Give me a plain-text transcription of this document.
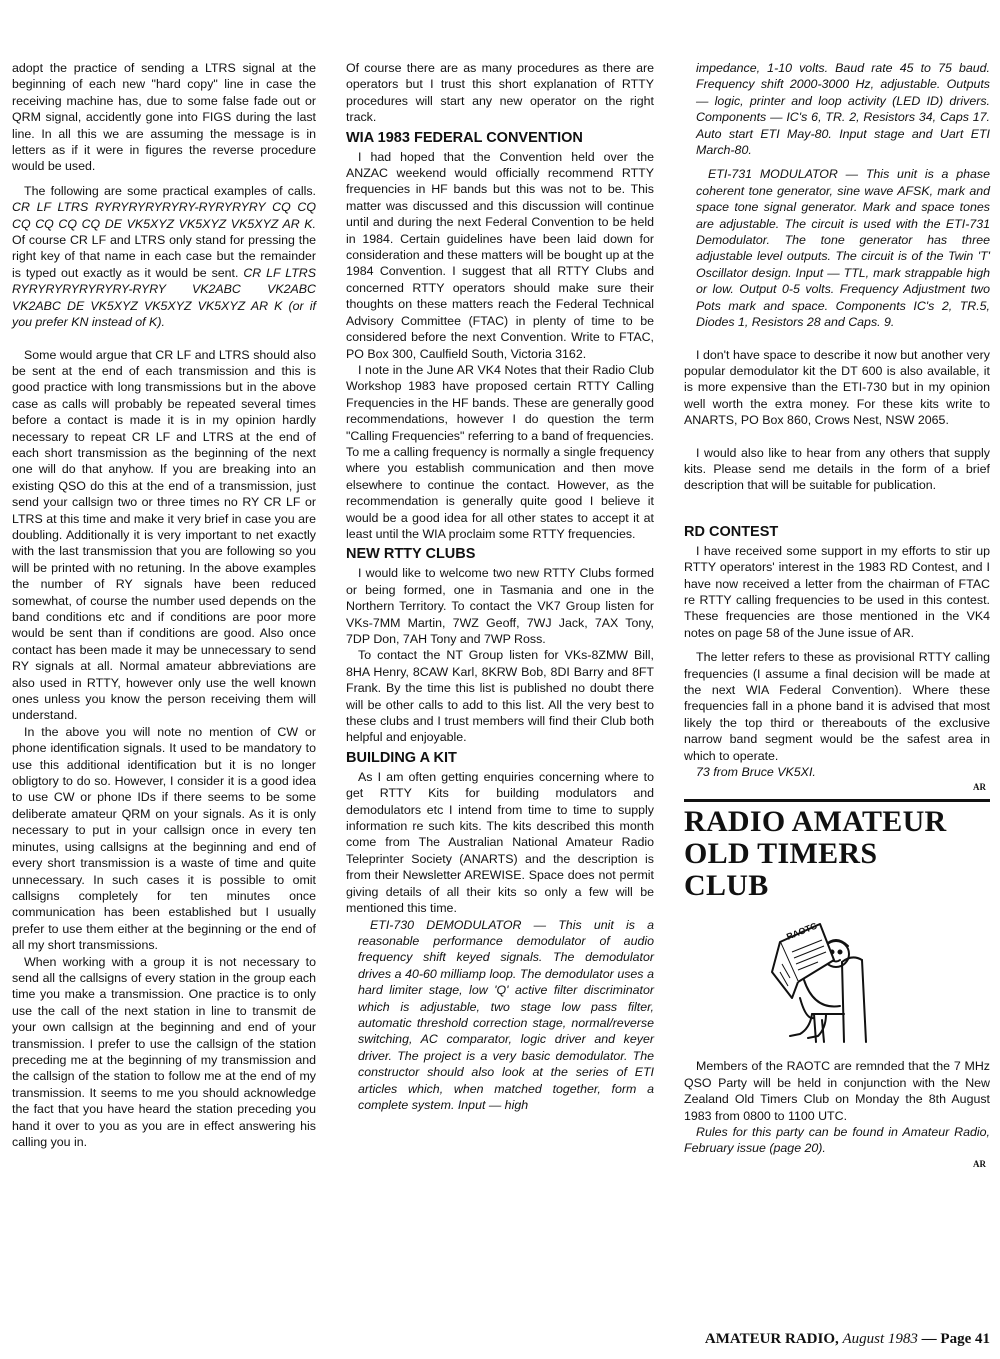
adopt the practice of sending a LTRS signal at the beginning of each new "hard copy" line in case the receiving machine has, due to some false fade out or QRM signal, accidently gone into FIGS during the last line. In all this we are assuming the message is in letters as if it were in figures the reverse procedure would be used.

The following are some practical examples of calls. CR LF LTRS RYRYRYRYRYRY-RYRYRYRY CQ CQ CQ CQ CQ CQ DE VK5XYZ VK5XYZ VK5XYZ AR K. Of course CR LF and LTRS only stand for pressing the right key of that name in each case but the remainder is typed out exactly as it would be sent. CR LF LTRS RYRYRYRYRYRYRY-RYRY VK2ABC VK2ABC VK2ABC DE VK5XYZ VK5XYZ VK5XYZ AR K (or if you prefer KN instead of K).

Some would argue that CR LF and LTRS should also be sent at the end of each transmission and this is good practice with long transmissions but in the above case as calls will probably be repeated several times before a contact is made it is in my opinion hardly necessary to repeat CR LF and LTRS at the end of each short transmission as the beginning of the next one will do that anyhow. If you are breaking into an existing QSO do this at the end of a transmission, just send your callsign two or three times no RY CR LF or LTRS at this time and make it very brief in case you are doubling. Additionally it is very important to net exactly with the last transmission that you are following so you will be printed with no retuning. In the above examples the number of RY signals have been reduced somewhat, of course the number used depends on the band conditions etc and if conditions are poor more would be sent than if conditions are good. Also once contact has been made it may be unnecessary to send RY signals at all. Normal amateur abbreviations are also used in RTTY, however only use the well known ones unless you know the person receiving them will understand.

In the above you will note no mention of CW or phone identification signals. It used to be mandatory to use this additional identification but it is no longer obligtory to do so. However, I consider it is a good idea to use CW or phone IDs if there seems to be some deliberate amateur QRM on your signals. As it is only necessary to put in your callsign once in every ten minutes, using callsigns at the beginning and end of every short transmission is a waste of time and quite unnecessary. In such cases it is possible to omit callsigns completely for ten minutes once communication has been established but I usually prefer to use them either at the beginning or the end of all my short transmissions.

When working with a group it is not necessary to send all the callsigns of every station in the group each time you make a transmission. One practice is to only use the call of the next station in line to transmit de your own callsign at the beginning and end of your transmission. I prefer to use the callsign of the station preceding me at the beginning of my transmission and the callsign of the station to follow me at the end of my transmission. It seems to me you should acknowledge the fact that you have heard the station preceding you hand it over to you as you are in effect answering his calling you in.

Of course there are as many procedures as there are operators but I trust this short explanation of RTTY procedures will start any new operator on the right track.

WIA 1983 FEDERAL CONVENTION

I had hoped that the Convention held over the ANZAC weekend would officially recommend RTTY frequencies in HF bands but this was not to be. This matter was discussed and this discussion will continue until and during the next Federal Convention to be held in 1984. Certain guidelines have been laid down for consideration and these matters will be bought up at the 1984 Convention. I suggest that all RTTY Clubs and concerned RTTY operators should make sure their thoughts on these matters reach the Federal Technical Advisory Committee (FTAC) in plenty of time to be considered before the next Convention. Write to FTAC, PO Box 300, Caulfield South, Victoria 3162.

I note in the June AR VK4 Notes that their Radio Club Workshop 1983 have proposed certain RTTY Calling Frequencies in the HF bands. These are generally good recommendations, however I do question the term "Calling Frequencies" referring to a band of frequencies. To me a calling frequency is normally a single frequency where you establish communication and then move elsewhere to continue the contact. However, as the recommendation is generally quite good I believe it would be a good idea for all other states to accept it at least until the WIA proclaim some RTTY frequencies.

NEW RTTY CLUBS

I would like to welcome two new RTTY Clubs formed or being formed, one in Tasmania and one in the Northern Territory. To contact the VK7 Group listen for VKs-7MM Martin, 7WZ Geoff, 7WJ Jack, 7AX Tony, 7DP Don, 7AH Tony and 7WP Ross.

To contact the NT Group listen for VKs-8ZMW Bill, 8HA Henry, 8CAW Karl, 8KRW Bob, 8DI Barry and 8FT Frank. By the time this list is published no doubt there will be other calls to add to this list. All the very best to these clubs and I trust members will find their Club both helpful and enjoyable.

BUILDING A KIT

As I am often getting enquiries concerning where to get RTTY Kits for building modulators and demodulators etc I intend from time to time to supply information re such kits. The kits described this month come from The Australian National Amateur Radio Teleprinter Society (ANARTS) and the description is from their Newsletter AREWISE. Space does not permit giving details of all their kits so only a few will be mentioned this time.

ETI-730 DEMODULATOR — This unit is a reasonable performance demodulator of audio frequency shift keyed signals. The demodulator drives a 40-60 milliamp loop. The demodulator uses a hard limiter stage, low 'Q' active filter discriminator which is adjustable, two stage low pass filter, automatic threshold correction stage, normal/reverse switching, AC comparator, logic driver and keyer driver. The project is a very basic demodulator. The constructor should also look at the series of ETI articles which, when matched together, form a complete system. Input — high

impedance, 1-10 volts. Baud rate 45 to 75 baud. Frequency shift 2000-3000 Hz, adjustable. Outputs — logic, printer and loop activity (LED ID) drivers. Components — IC's 6, TR. 2, Resistors 34, Caps 17. Auto start ETI May-80. Input stage and Uart ETI March-80.

ETI-731 MODULATOR — This unit is a phase coherent tone generator, sine wave AFSK, mark and space tone signal generator. Mark and space tones are adjustable. The circuit is used with the ETI-731 Demodulator. The tone generator has three adjustable level outputs. The circuit is of the Twin 'T' Oscillator design. Input — TTL, mark strappable high or low. Output 0-5 volts. Frequency Adjustment two Pots mark and space. Components IC's 2, TR.5, Diodes 1, Resistors 28 and Caps. 9.

I don't have space to describe it now but another very popular demodulator kit the DT 600 is also available, it is more expensive than the ETI-730 but in my opinion well worth the extra money. For these kits write to ANARTS, PO Box 860, Crows Nest, NSW 2065.

I would also like to hear from any others that supply kits. Please send me details in the form of a brief description that will be suitable for publication.

RD CONTEST

I have received some support in my efforts to stir up RTTY operators' interest in the 1983 RD Contest, and I have now received a letter from the chairman of FTAC re RTTY calling frequencies to be used in this contest. These frequencies are those mentioned in the VK4 notes on page 58 of the June issue of AR.

The letter refers to these as provisional RTTY calling frequencies (I assume a final decision will be made at the next WIA Federal Convention). Where these frequencies fall in a phone band it is advised that most likely the top third or thereabouts of the exclusive narrow band segment would be the safest area in which to operate.

73 from Bruce VK5XI.

AR
RADIO AMATEUR
OLD TIMERS
CLUB
RAOTC

Members of the RAOTC are remnded that the 7 MHz QSO Party will be held in conjunction with the New Zealand Old Timers Club on Monday the 8th August 1983 from 0800 to 1100 UTC.

Rules for this party can be found in Amateur Radio, February issue (page 20).

AR
AMATEUR RADIO, August 1983 — Page 41
